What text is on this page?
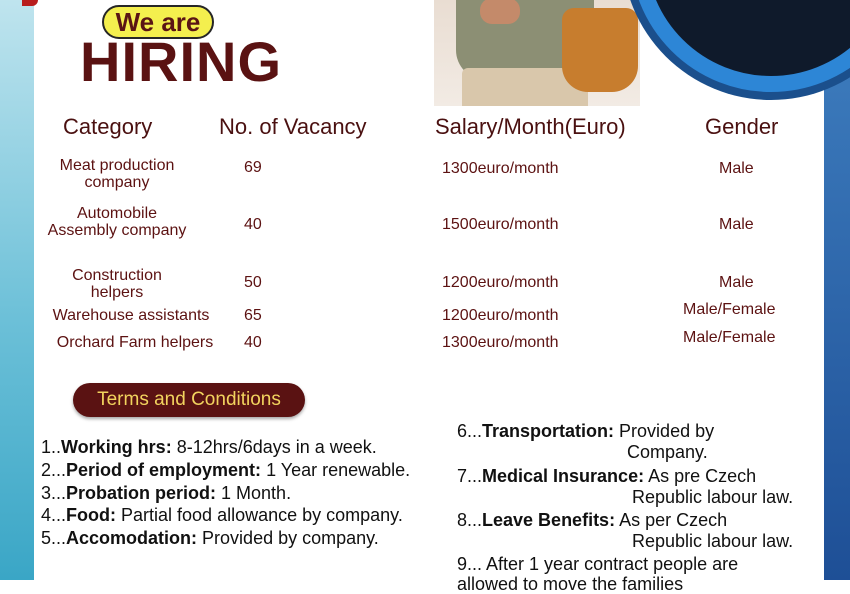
We are
HIRING
Category	No. of Vacancy	Salary/Month(Euro)	Gender
Meat production
company
69	1300euro/month	Male
Automobile
Assembly company	40	1500euro/month	Male
Construction
helpers
50	1200euro/month	Male
Warehouse assistants	65	1200euro/month	Male/Female
Orchard Farm helpers	40	1300euro/month	Male/Female
Terms and Conditions
1..Working hrs: 8-12hrs/6days in a week.
2...Period of employment: 1 Year renewable.
3...Probation period: 1 Month.
4...Food: Partial food allowance by company.
5...Accomodation: Provided by company.
6...Transportation: Provided by
Company.
7...Medical Insurance: As pre Czech
Republic labour law.
8...Leave Benefits: As per Czech
Republic labour law.
9... After 1 year contract people are
allowed to move the families
